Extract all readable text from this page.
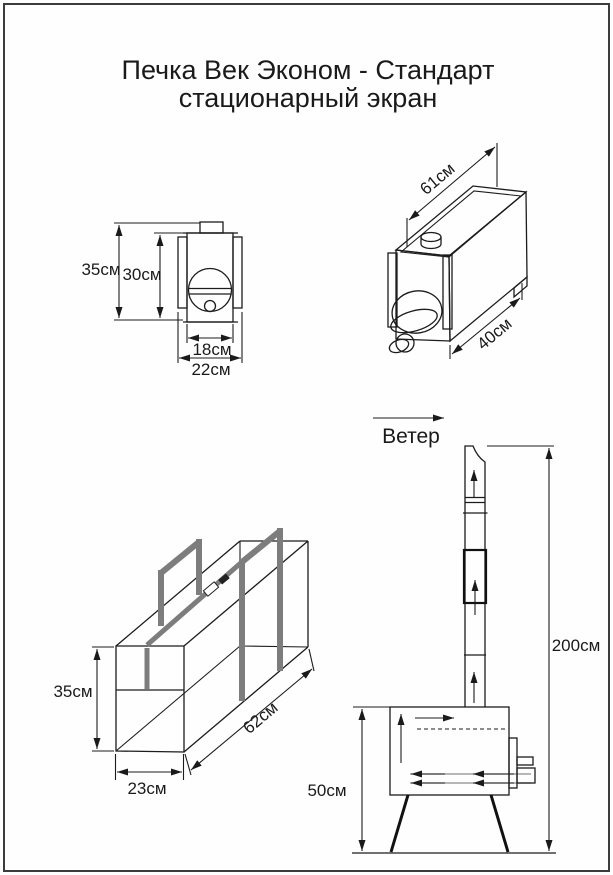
Печка Век Эконом - Стандарт
стационарный экран
35см 30см
18см
22см
61см
40см
35см
23см
62см
Ветер
50см
200см
